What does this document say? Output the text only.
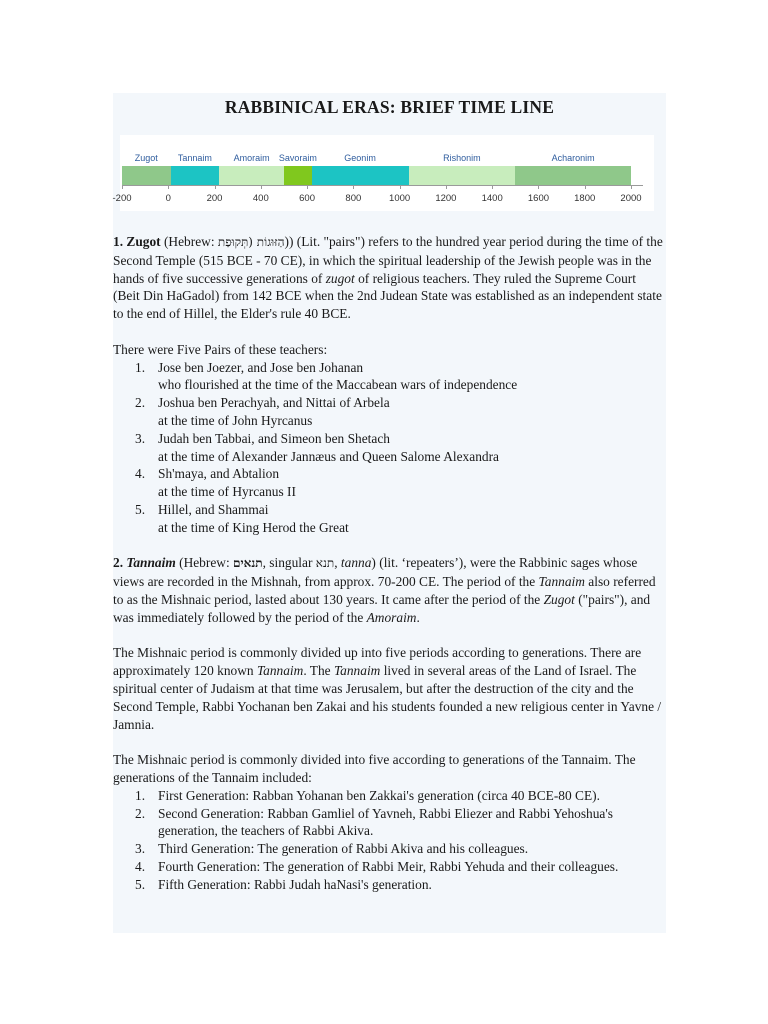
RABBINICAL ERAS: BRIEF TIME LINE
Zugot Tannaim Amoraim Savoraim	Geonim	Rishonim	Acharonim
-200	0	200	400	600	800	1000	1200	1400	1600	1800	2000

1. Zugot (Hebrew: הַזּוּגוֹת (תְּקוּפַת)) (Lit. "pairs") refers to the hundred year period during the time of the Second Temple (515 BCE - 70 CE), in which the spiritual leadership of the Jewish people was in the hands of five successive generations of zugot of religious teachers. They ruled the Supreme Court (Beit Din HaGadol) from 142 BCE when the 2nd Judean State was established as an independent state to the end of Hillel, the Elder's rule 40 BCE.

There were Five Pairs of these teachers:
1. Jose ben Joezer, and Jose ben Johanan
who flourished at the time of the Maccabean wars of independence
2. Joshua ben Perachyah, and Nittai of Arbela
at the time of John Hyrcanus
3. Judah ben Tabbai, and Simeon ben Shetach
at the time of Alexander Jannæus and Queen Salome Alexandra
4. Sh'maya, and Abtalion
at the time of Hyrcanus II
5. Hillel, and Shammai
at the time of King Herod the Great

2. Tannaim (Hebrew: תנאים, singular תנא, tanna) (lit. ‘repeaters’), were the Rabbinic sages whose views are recorded in the Mishnah, from approx. 70-200 CE. The period of the Tannaim also referred to as the Mishnaic period, lasted about 130 years. It came after the period of the Zugot ("pairs"), and was immediately followed by the period of the Amoraim.

The Mishnaic period is commonly divided up into five periods according to generations. There are approximately 120 known Tannaim. The Tannaim lived in several areas of the Land of Israel. The spiritual center of Judaism at that time was Jerusalem, but after the destruction of the city and the Second Temple, Rabbi Yochanan ben Zakai and his students founded a new religious center in Yavne / Jamnia.

The Mishnaic period is commonly divided into five according to generations of the Tannaim. The generations of the Tannaim included:
1. First Generation: Rabban Yohanan ben Zakkai's generation (circa 40 BCE-80 CE).
2. Second Generation: Rabban Gamliel of Yavneh, Rabbi Eliezer and Rabbi Yehoshua's generation, the teachers of Rabbi Akiva.
3. Third Generation: The generation of Rabbi Akiva and his colleagues.
4. Fourth Generation: The generation of Rabbi Meir, Rabbi Yehuda and their colleagues.
5. Fifth Generation: Rabbi Judah haNasi's generation.
